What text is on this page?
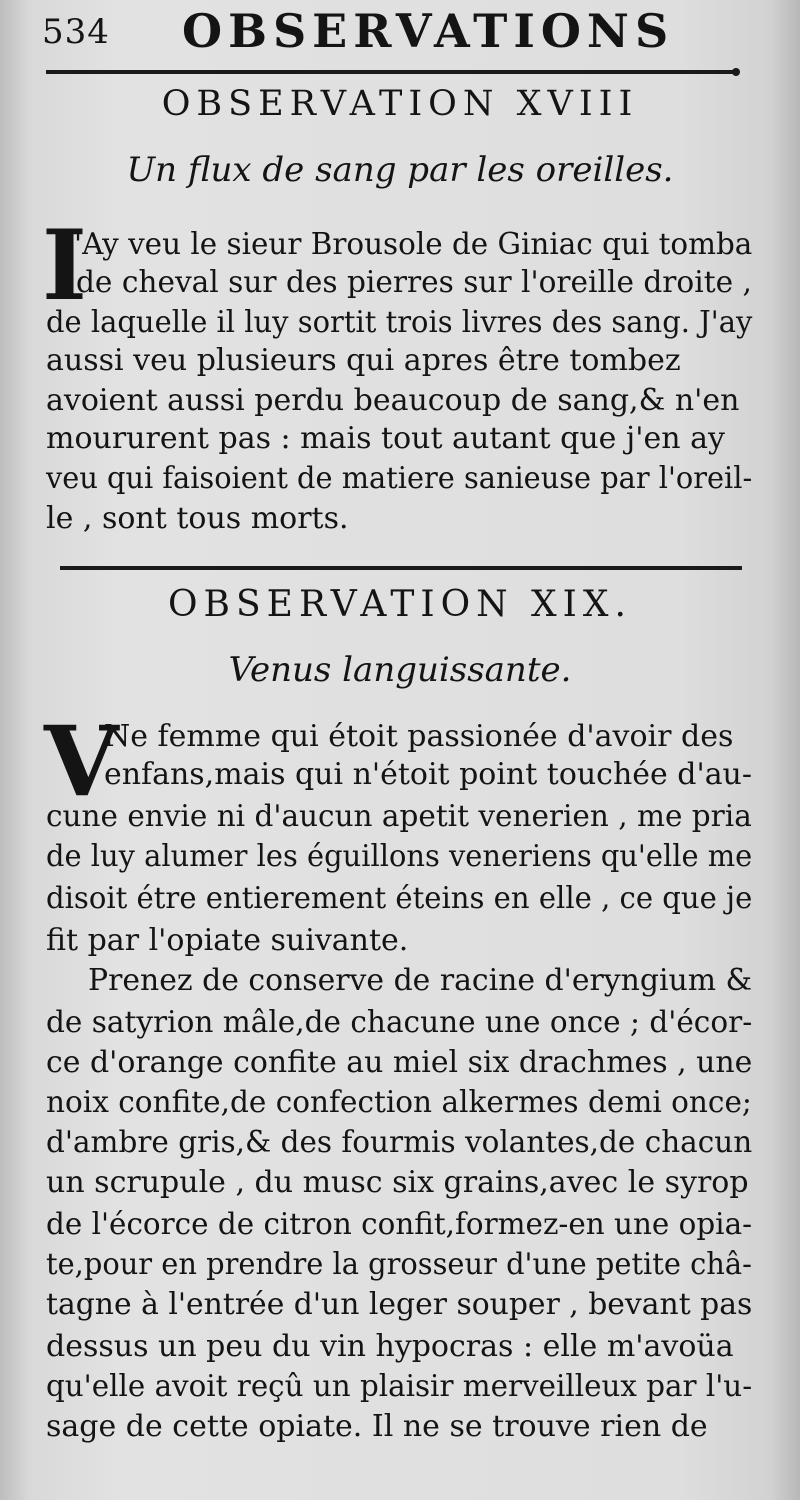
534 OBSERVATIONS
OBSERVATION XVIII
Un flux de sang par les oreilles.
I
'Ay veu le sieur Brousole de Giniac qui tomba
de cheval sur des pierres sur l'oreille droite ,
de laquelle il luy sortit trois livres des sang. J'ay
aussi veu plusieurs qui apres être tombez
avoient aussi perdu beaucoup de sang,& n'en
moururent pas : mais tout autant que j'en ay
veu qui faisoient de matiere sanieuse par l'oreil-
le , sont tous morts.
OBSERVATION XIX.
Venus languissante.
V
Ne femme qui étoit passionée d'avoir des
enfans,mais qui n'étoit point touchée d'au-
cune envie ni d'aucun apetit venerien , me pria
de luy alumer les éguillons veneriens qu'elle me
disoit étre entierement éteins en elle , ce que je
fit par l'opiate suivante.
Prenez de conserve de racine d'eryngium &
de satyrion mâle,de chacune une once ; d'écor-
ce d'orange confite au miel six drachmes , une
noix confite,de confection alkermes demi once;
d'ambre gris,& des fourmis volantes,de chacun
un scrupule , du musc six grains,avec le syrop
de l'écorce de citron confit,formez-en une opia-
te,pour en prendre la grosseur d'une petite châ-
tagne à l'entrée d'un leger souper , bevant pas
dessus un peu du vin hypocras : elle m'avoüa
qu'elle avoit reçû un plaisir merveilleux par l'u-
sage de cette opiate. Il ne se trouve rien de
